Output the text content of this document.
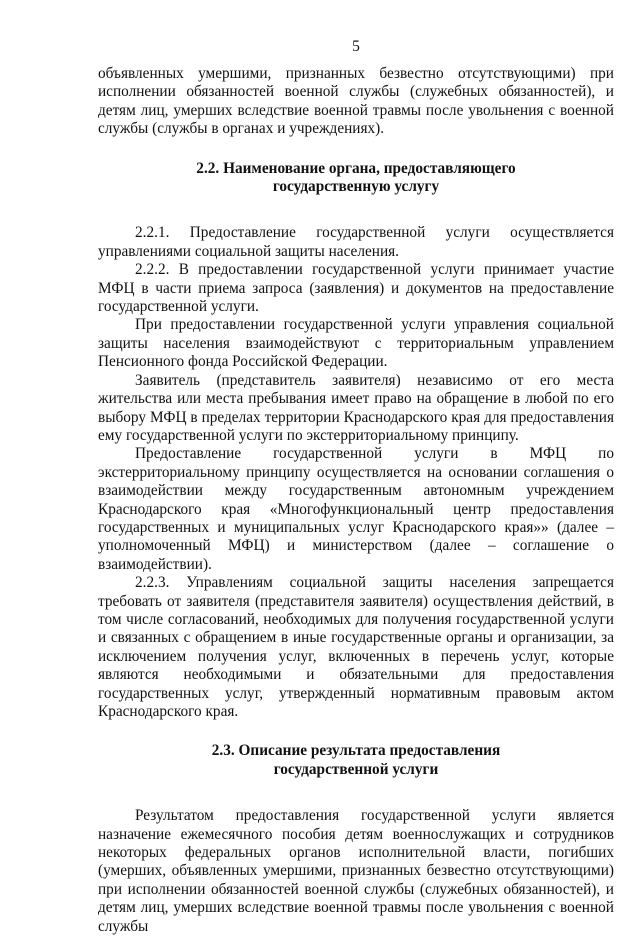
5

объявленных умершими, признанных безвестно отсутствующими) при исполнении обязанностей военной службы (служебных обязанностей), и детям лиц, умерших вследствие военной травмы после увольнения с военной службы (службы в органах и учреждениях).

2.2. Наименование органа, предоставляющего
государственную услугу

2.2.1. Предоставление государственной услуги осуществляется управлениями социальной защиты населения.

2.2.2. В предоставлении государственной услуги принимает участие МФЦ в части приема запроса (заявления) и документов на предоставление государственной услуги.

При предоставлении государственной услуги управления социальной защиты населения взаимодействуют с территориальным управлением Пенсионного фонда Российской Федерации.

Заявитель (представитель заявителя) независимо от его места жительства или места пребывания имеет право на обращение в любой по его выбору МФЦ в пределах территории Краснодарского края для предоставления ему государственной услуги по экстерриториальному принципу.

Предоставление государственной услуги в МФЦ по экстерриториальному принципу осуществляется на основании соглашения о взаимодействии между государственным автономным учреждением Краснодарского края «Многофункциональный центр предоставления государственных и муниципальных услуг Краснодарского края»» (далее – уполномоченный МФЦ) и министерством (далее – соглашение о взаимодействии).

2.2.3. Управлениям социальной защиты населения запрещается требовать от заявителя (представителя заявителя) осуществления действий, в том числе согласований, необходимых для получения государственной услуги и связанных с обращением в иные государственные органы и организации, за исключением получения услуг, включенных в перечень услуг, которые являются необходимыми и обязательными для предоставления государственных услуг, утвержденный нормативным правовым актом Краснодарского края.

2.3. Описание результата предоставления
государственной услуги

Результатом предоставления государственной услуги является назначение ежемесячного пособия детям военнослужащих и сотрудников некоторых федеральных органов исполнительной власти, погибших (умерших, объявленных умершими, признанных безвестно отсутствующими) при исполнении обязанностей военной службы (служебных обязанностей), и детям лиц, умерших вследствие военной травмы после увольнения с военной службы
